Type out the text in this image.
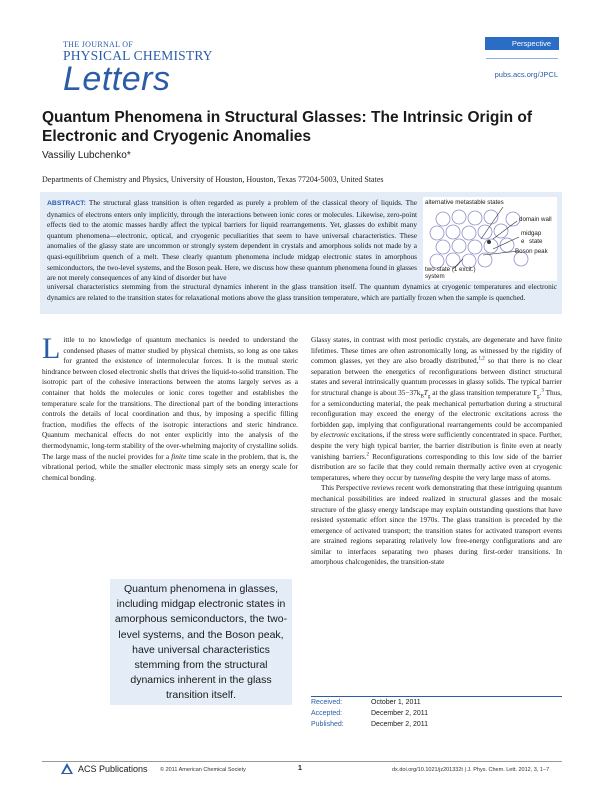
THE JOURNAL OF
PHYSICAL CHEMISTRY
Letters
Perspective
pubs.acs.org/JPCL
Quantum Phenomena in Structural Glasses: The Intrinsic Origin of Electronic and Cryogenic Anomalies
Vassiliy Lubchenko*
Departments of Chemistry and Physics, University of Houston, Houston, Texas 77204-5003, United States
ABSTRACT: The structural glass transition is often regarded as purely a problem of the classical theory of liquids. The dynamics of electrons enters only implicitly, through the interactions between ionic cores or molecules. Likewise, zero-point effects tied to the atomic masses hardly affect the typical barriers for liquid rearrangements. Yet, glasses do exhibit many quantum phenomena—electronic, optical, and cryogenic peculiarities that seem to have universal characteristics. These anomalies of the glassy state are uncommon or strongly system dependent in crystals and amorphous solids not made by a quasi-equilibrium quench of a melt. These clearly quantum phenomena include midgap electronic states in amorphous semiconductors, the two-level systems, and the Boson peak. Here, we discuss how these quantum phenomena found in glasses are not merely consequences of any kind of disorder but have
universal characteristics stemming from the structural dynamics inherent in the glass transition itself. The quantum dynamics at cryogenic temperatures and electronic dynamics are related to the transition states for relaxational motions above the glass transition temperature, which are partially frozen when the sample is quenched.
alternative metastable states
domain wall
midgap
e state
Boson peak
two-state (1 excit.)
system

Little to no knowledge of quantum mechanics is needed to understand the condensed phases of matter studied by physical chemists, so long as one takes for granted the existence of intermolecular forces. It is the mutual steric hindrance between closed electronic shells that drives the liquid-to-solid transition. The isotropic part of the cohesive interactions between the atoms largely serves as a container that holds the molecules or ionic cores together and establishes the temperature scale for the transitions. The directional part of the bonding interactions controls the details of local coordination and thus, by imposing a specific filling fraction, modifies the effects of the isotropic interactions and steric hindrance. Quantum mechanical effects do not enter explicitly into the analysis of the thermodynamic, long-term stability of the over-whelming majority of crystalline solids. The large mass of the nuclei provides for a finite time scale in the problem, that is, the vibrational period, while the smaller electronic mass simply sets an energy scale for chemical bonding.

Quantum phenomena in glasses, including midgap electronic states in amorphous semiconductors, the two-level systems, and the Boson peak, have universal characteristics stemming from the structural dynamics inherent in the glass transition itself.

Glassy states, in contrast with most periodic crystals, are degenerate and have finite lifetimes. These times are often astronomically long, as witnessed by the rigidity of common glasses, yet they are also broadly distributed,$^{1,2}$ so that there is no clear separation between the energetics of reconfigurations between distinct structural states and several intrinsically quantum processes in glassy solids. The typical barrier for structural change is about $35-37k_BT_g$ at the glass transition temperature $T_g.^3$ Thus, for a semiconducting material, the peak mechanical perturbation during a structural reconfiguration may exceed the energy of the electronic excitations across the forbidden gap, implying that configurational rearrangements could be accompanied by electronic excitations, if the stress were sufficiently concentrated in space. Further, despite the very high typical barrier, the barrier distribution is finite even at nearly vanishing barriers.$^2$ Reconfigurations corresponding to this low side of the barrier distribution are so facile that they could remain thermally active even at cryogenic temperatures, where they occur by tunneling despite the very large mass of atoms.

This Perspective reviews recent work demonstrating that these intriguing quantum mechanical possibilities are indeed realized in structural glasses and the mosaic structure of the glassy energy landscape may explain outstanding questions that have resisted systematic effort since the 1970s. The glass transition is preceded by the emergence of activated transport; the transition states for activated transport events are strained regions separating relatively low free-energy configurations and are similar to interfaces separating two phases during first-order transitions. In amorphous chalcogenides, the transition-state

Received:	October 1, 2011
Accepted:	December 2, 2011
Published:	December 2, 2011
ACS Publications © 2011 American Chemical Society	1	dx.doi.org/10.1021/jz201332t | J. Phys. Chem. Lett. 2012, 3, 1−7
